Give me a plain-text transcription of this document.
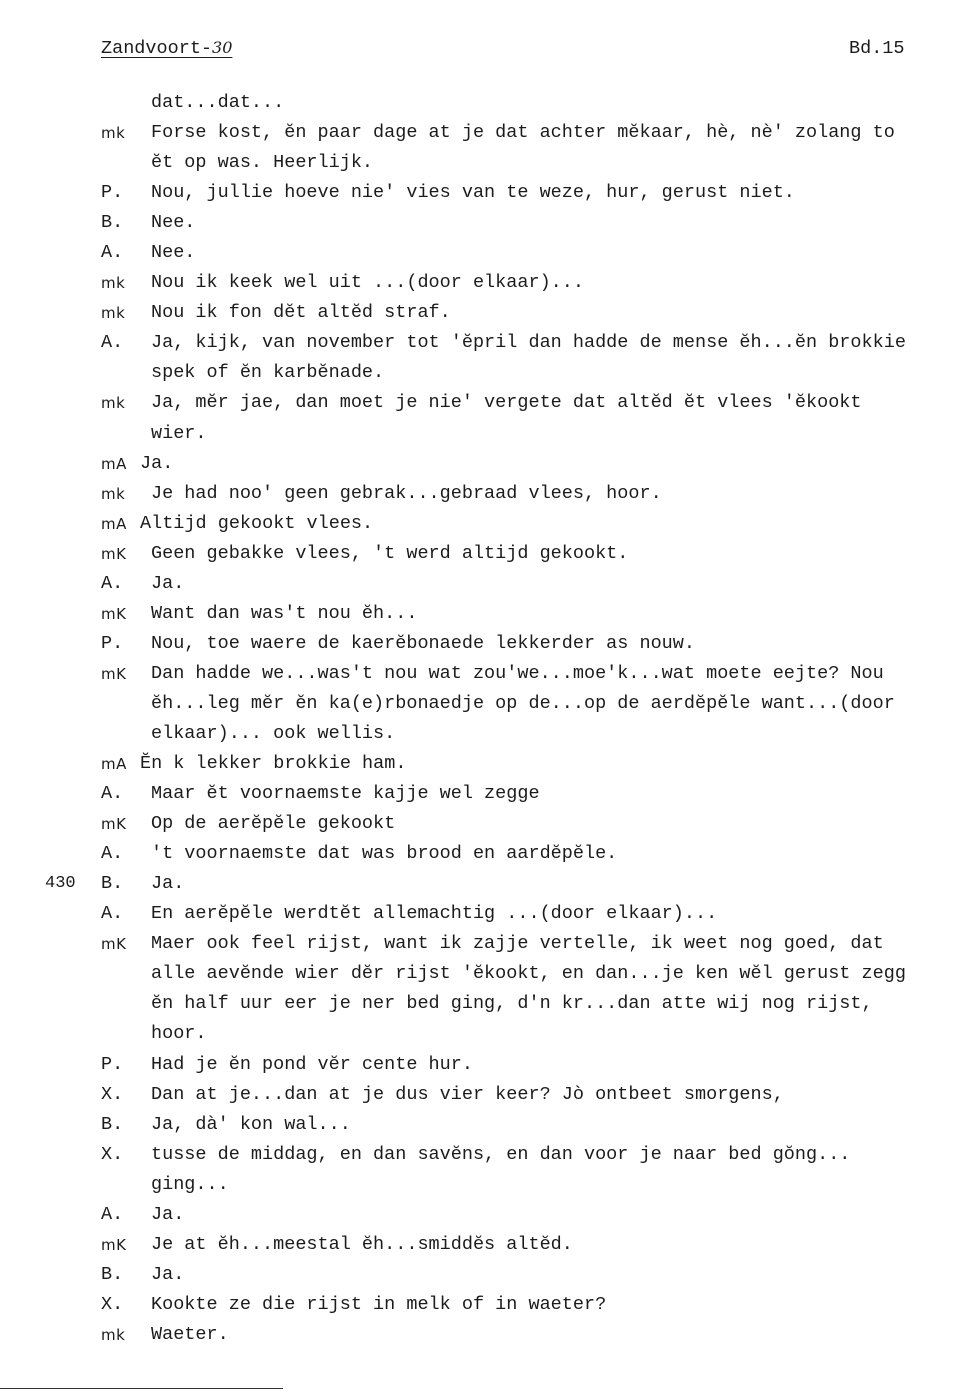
Zandvoort-30	Bd.15
dat...dat...
mk Forse kost, ĕn paar dage at je dat achter mĕkaar, hè, nè' zolang to
ĕt op was. Heerlijk.
P. Nou, jullie hoeve nie' vies van te weze, hur, gerust niet.
B. Nee.
A. Nee.
mk Nou ik keek wel uit ...(door elkaar)...
mk Nou ik fon dĕt altĕd straf.
A. Ja, kijk, van november tot 'ĕpril dan hadde de mense ĕh...ĕn brokkie
spek of ĕn karbĕnade.
mk Ja, mĕr jae, dan moet je nie' vergete dat altĕd ĕt vlees 'ĕkookt
wier.
mA Ja.
mk Je had noo' geen gebrak...gebraad vlees, hoor.
mA Altijd gekookt vlees.
mK Geen gebakke vlees, 't werd altijd gekookt.
A. Ja.
mK Want dan was't nou ĕh...
P. Nou, toe waere de kaerĕbonaede lekkerder as nouw.
mK Dan hadde we...was't nou wat zou'we...moe'k...wat moete eejte? Nou
ĕh...leg mĕr ĕn ka(e)rbonaedje op de...op de aerdĕpĕle want...(door
elkaar)... ook wellis.
mA Ĕn k lekker brokkie ham.
A. Maar ĕt voornaemste kajje wel zegge
mK Op de aerĕpĕle gekookt
A. 't voornaemste dat was brood en aardĕpĕle.
430 B. Ja.
A. En aerĕpĕle werdtĕt allemachtig ...(door elkaar)...
mK Maer ook feel rijst, want ik zajje vertelle, ik weet nog goed, dat
alle aevĕnde wier dĕr rijst 'ĕkookt, en dan...je ken wĕl gerust zegg
ĕn half uur eer je ner bed ging, d'n kr...dan atte wij nog rijst,
hoor.
P. Had je ĕn pond vĕr cente hur.
X. Dan at je...dan at je dus vier keer? Jò ontbeet smorgens,
B. Ja, dà' kon wal...
X. tusse de middag, en dan savĕns, en dan voor je naar bed gŏng...
ging...
A. Ja.
mK Je at ĕh...meestal ĕh...smiddĕs altĕd.
B. Ja.
X. Kookte ze die rijst in melk of in waeter?
mk Waeter.
